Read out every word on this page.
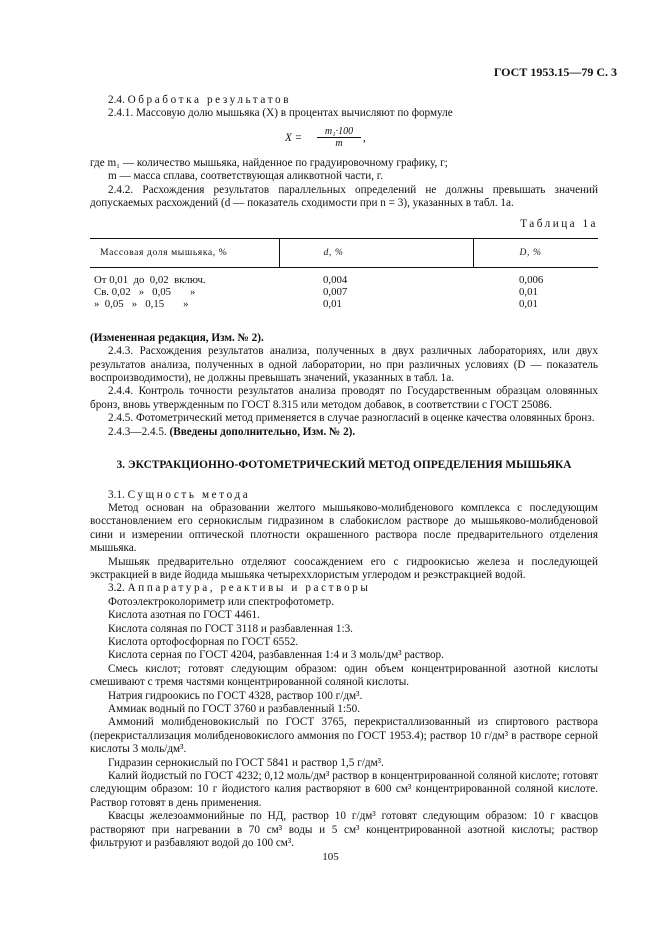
ГОСТ 1953.15—79 С. 3

2.4. Обработка результатов

2.4.1. Массовую долю мышьяка (X) в процентах вычисляют по формуле

$X = \frac{\text{m₁·100}}{m}$ ,

где m₁ — количество мышьяка, найденное по градуировочному графику, г;

m — масса сплава, соответствующая аликвотной части, г.

2.4.2. Расхождения результатов параллельных определений не должны превышать значений допускаемых расхождений (d — показатель сходимости при n = 3), указанных в табл. 1а.

Таблица 1а
Массовая доля мышьяка, %	d, %	D, %
От 0,01  до  0,02  включ.	0,004	0,006
Св. 0,02   »   0,05       »	0,007	0,01
»  0,05   »   0,15       »	0,01	0,01

(Измененная редакция, Изм. № 2).

2.4.3. Расхождения результатов анализа, полученных в двух различных лабораториях, или двух результатов анализа, полученных в одной лаборатории, но при различных условиях (D — показатель воспроизводимости), не должны превышать значений, указанных в табл. 1а.

2.4.4. Контроль точности результатов анализа проводят по Государственным образцам оловянных бронз, вновь утвержденным по ГОСТ 8.315 или методом добавок, в соответствии с ГОСТ 25086.

2.4.5. Фотометрический метод применяется в случае разногласий в оценке качества оловянных бронз.

2.4.3—2.4.5. (Введены дополнительно, Изм. № 2).

3. ЭКСТРАКЦИОННО-ФОТОМЕТРИЧЕСКИЙ МЕТОД ОПРЕДЕЛЕНИЯ МЫШЬЯКА

3.1. Сущность метода

Метод основан на образовании желтого мышьяково-молибденового комплекса с последующим восстановлением его сернокислым гидразином в слабокислом растворе до мышьяково-молибденовой сини и измерении оптической плотности окрашенного раствора после предварительного отделения мышьяка.

Мышьяк предварительно отделяют соосаждением его с гидроокисью железа и последующей экстракцией в виде йодида мышьяка четыреххлористым углеродом и реэкстракцией водой.

3.2. Аппаратура, реактивы и растворы

Фотоэлектроколориметр или спектрофотометр.

Кислота азотная по ГОСТ 4461.

Кислота соляная по ГОСТ 3118 и разбавленная 1:3.

Кислота ортофосфорная по ГОСТ 6552.

Кислота серная по ГОСТ 4204, разбавленная 1:4 и 3 моль/дм³ раствор.

Смесь кислот; готовят следующим образом: один объем концентрированной азотной кислоты смешивают с тремя частями концентрированной соляной кислоты.

Натрия гидроокись по ГОСТ 4328, раствор 100 г/дм³.

Аммиак водный по ГОСТ 3760 и разбавленный 1:50.

Аммоний молибденовокислый по ГОСТ 3765, перекристаллизованный из спиртового раствора (перекристаллизация молибденовокислого аммония по ГОСТ 1953.4); раствор 10 г/дм³ в растворе серной кислоты 3 моль/дм³.

Гидразин сернокислый по ГОСТ 5841 и раствор 1,5 г/дм³.

Калий йодистый по ГОСТ 4232; 0,12 моль/дм³ раствор в концентрированной соляной кислоте; готовят следующим образом: 10 г йодистого калия растворяют в 600 см³ концентрированной соляной кислоте. Раствор готовят в день применения.

Квасцы железоаммонийные по НД, раствор 10 г/дм³ готовят следующим образом: 10 г квасцов растворяют при нагревании в 70 см³ воды и 5 см³ концентрированной азотной кислоты; раствор фильтруют и разбавляют водой до 100 см³.

105
